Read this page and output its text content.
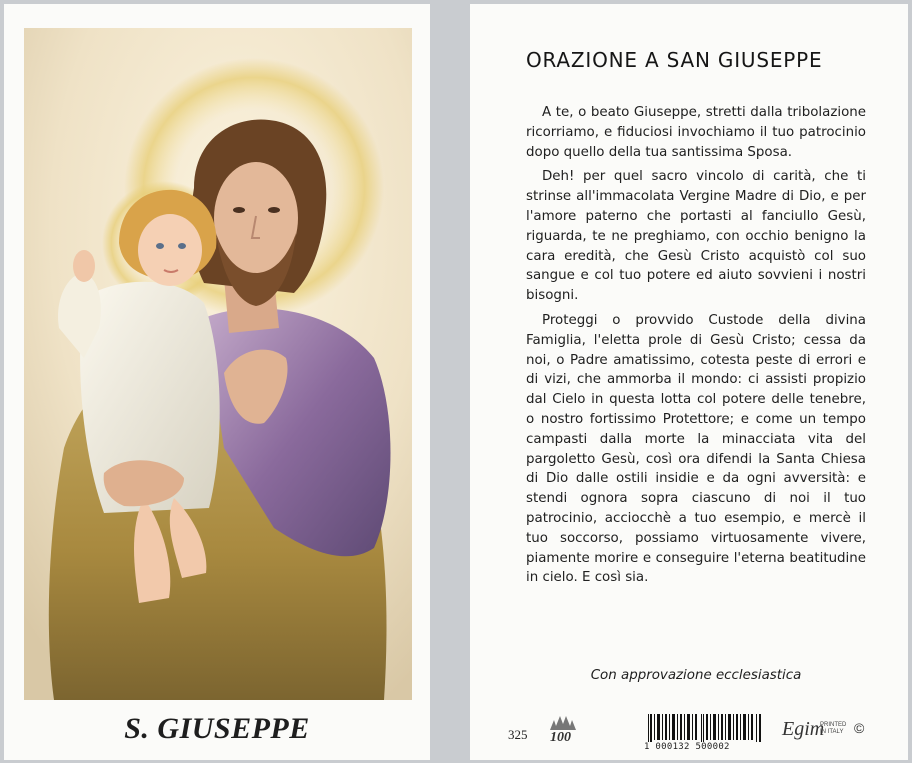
S. GIUSEPPE
ORAZIONE A SAN GIUSEPPE

A te, o beato Giuseppe, stretti dalla tribolazione ricorriamo, e fiduciosi invochiamo il tuo patrocinio dopo quello della tua santissima Sposa.

Deh! per quel sacro vincolo di carità, che ti strinse all'immacolata Vergine Madre di Dio, e per l'amore paterno che portasti al fanciullo Gesù, riguarda, te ne preghiamo, con occhio benigno la cara eredità, che Gesù Cristo acquistò col suo sangue e col tuo potere ed aiuto sovvieni i nostri bisogni.

Proteggi o provvido Custode della divina Famiglia, l'eletta prole di Gesù Cristo; cessa da noi, o Padre amatissimo, cotesta peste di errori e di vizi, che ammorba il mondo: ci assisti propizio dal Cielo in questa lotta col potere delle tenebre, o nostro fortissimo Protettore; e come un tempo campasti dalla morte la minacciata vita del pargoletto Gesù, così ora difendi la Santa Chiesa di Dio dalle ostili insidie e da ogni avversità: e stendi ognora sopra ciascuno di noi il tuo patrocinio, acciocchè a tuo esempio, e mercè il tuo soccorso, possiamo virtuosamente vivere, piamente morire e conseguire l'eterna beatitudine in cielo. E così sia.

Con approvazione ecclesiastica
325 100
1 000132 500002
Egim
PRINTED IN ITALY ©
